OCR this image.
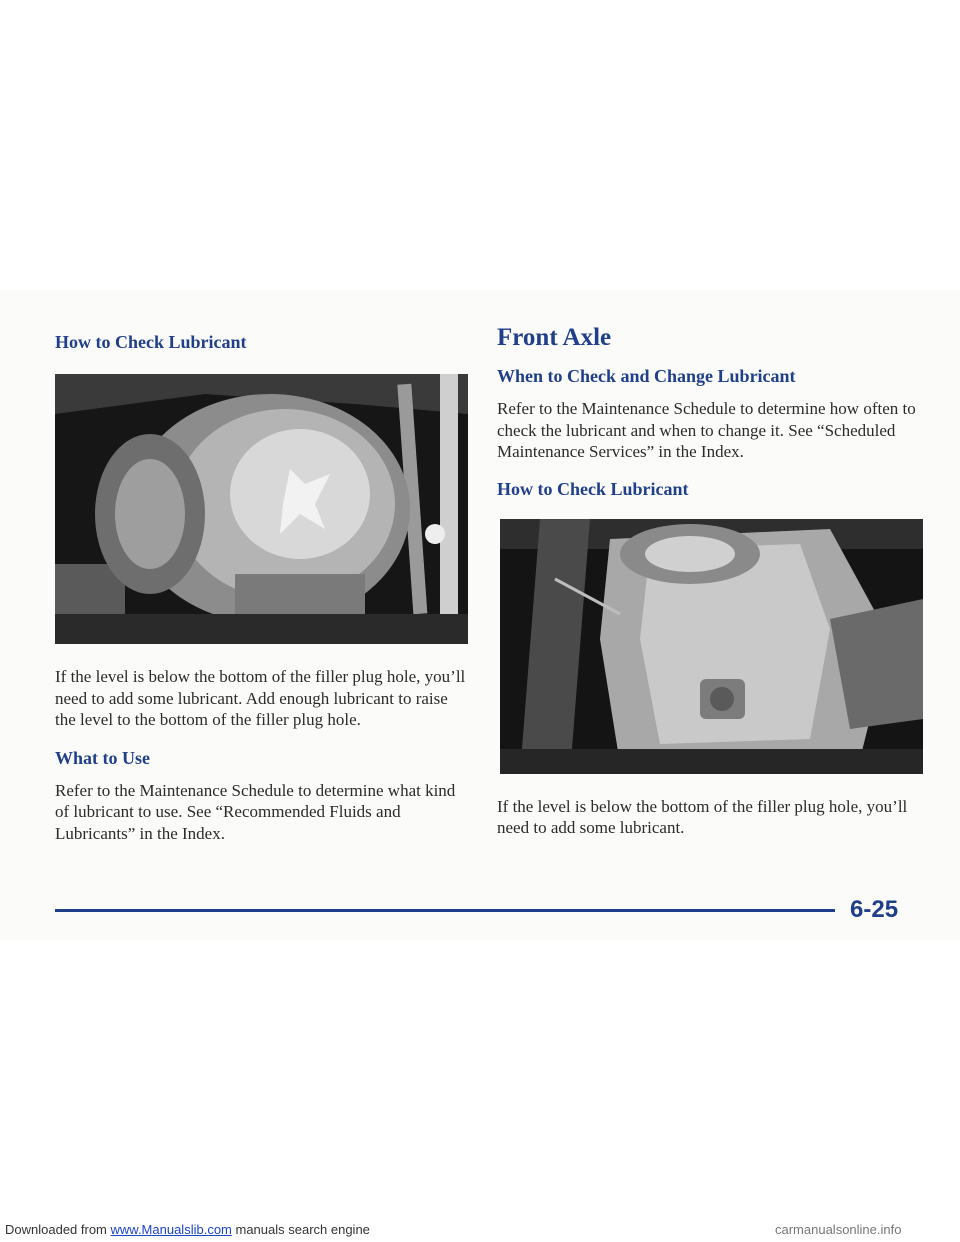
How to Check Lubricant

If the level is below the bottom of the filler plug hole, you’ll need to add some lubricant. Add enough lubricant to raise the level to the bottom of the filler plug hole.

What to Use

Refer to the Maintenance Schedule to determine what kind of lubricant to use. See “Recommended Fluids and Lubricants” in the Index.

Front Axle
When to Check and Change Lubricant

Refer to the Maintenance Schedule to determine how often to check the lubricant and when to change it. See “Scheduled Maintenance Services” in the Index.

How to Check Lubricant

If the level is below the bottom of the filler plug hole, you’ll need to add some lubricant.

6-25
Downloaded from www.Manualslib.com manuals search engine	carmanualsonline.info
